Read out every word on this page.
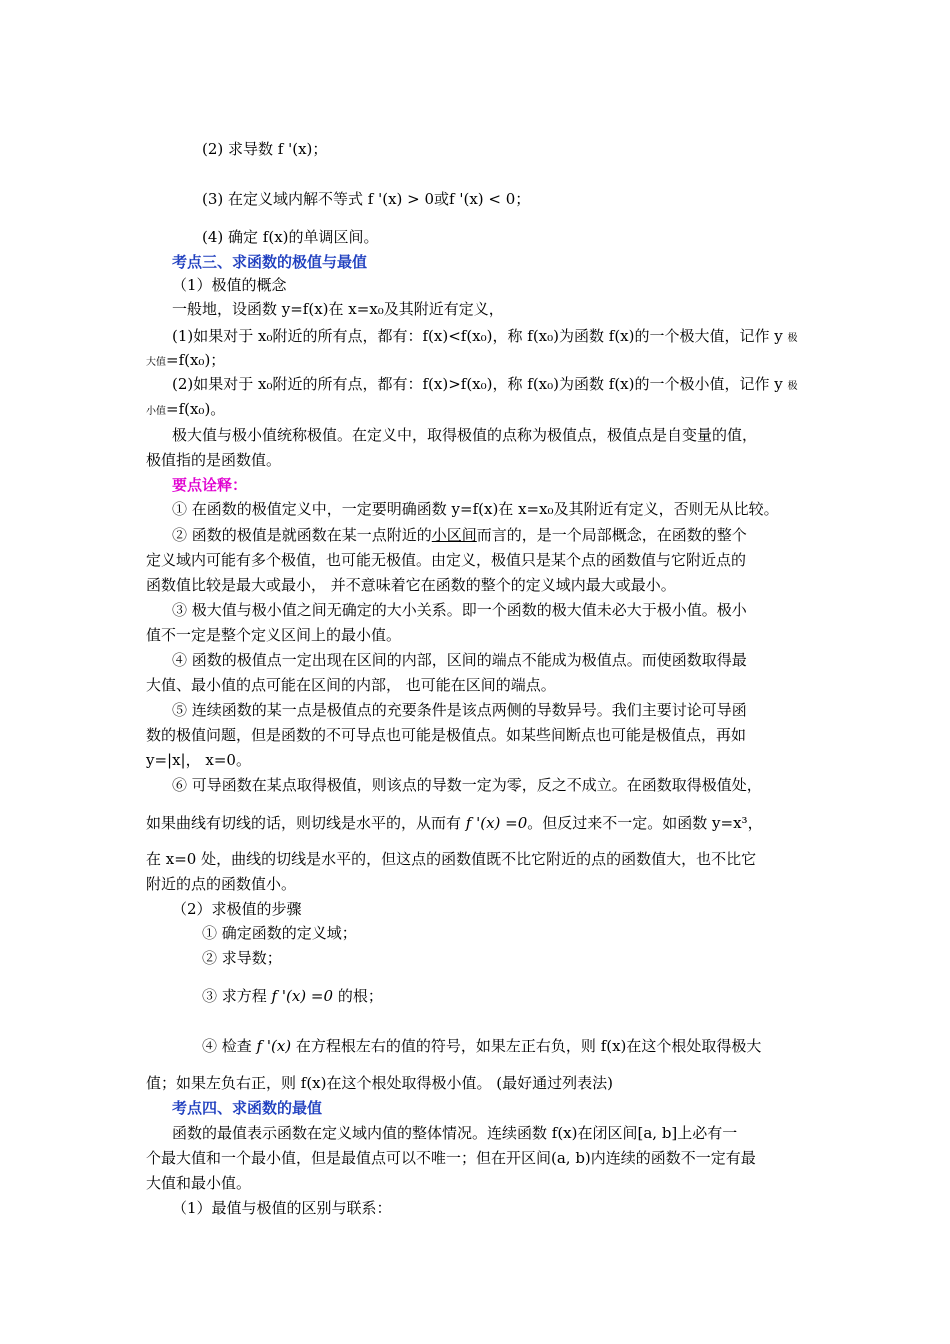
(2) 求导数 f '(x)；
(3) 在定义域内解不等式 f '(x) > 0或f '(x) < 0；
(4) 确定 f(x)的单调区间。
考点三、求函数的极值与最值
（1）极值的概念
一般地，设函数 y=f(x)在 x=x₀及其附近有定义，
(1)如果对于 x₀附近的所有点，都有：f(x)<f(x₀)，称 f(x₀)为函数 f(x)的一个极大值，记作 y 极
大值=f(x₀)；
(2)如果对于 x₀附近的所有点，都有：f(x)>f(x₀)，称 f(x₀)为函数 f(x)的一个极小值，记作 y 极
小值=f(x₀)。
极大值与极小值统称极值。在定义中，取得极值的点称为极值点，极值点是自变量的值，
极值指的是函数值。
要点诠释：
① 在函数的极值定义中，一定要明确函数 y=f(x)在 x=x₀及其附近有定义，否则无从比较。
② 函数的极值是就函数在某一点附近的小区间而言的，是一个局部概念，在函数的整个
定义域内可能有多个极值，也可能无极值。由定义，极值只是某个点的函数值与它附近点的
函数值比较是最大或最小， 并不意味着它在函数的整个的定义域内最大或最小。
③ 极大值与极小值之间无确定的大小关系。即一个函数的极大值未必大于极小值。极小
值不一定是整个定义区间上的最小值。
④ 函数的极值点一定出现在区间的内部，区间的端点不能成为极值点。而使函数取得最
大值、最小值的点可能在区间的内部， 也可能在区间的端点。
⑤ 连续函数的某一点是极值点的充要条件是该点两侧的导数异号。我们主要讨论可导函
数的极值问题，但是函数的不可导点也可能是极值点。如某些间断点也可能是极值点，再如
y=|x|， x=0。
⑥ 可导函数在某点取得极值，则该点的导数一定为零，反之不成立。在函数取得极值处，
如果曲线有切线的话，则切线是水平的，从而有 f '(x) =0。但反过来不一定。如函数 y=x³，
在 x=0 处，曲线的切线是水平的，但这点的函数值既不比它附近的点的函数值大，也不比它
附近的点的函数值小。
（2）求极值的步骤
① 确定函数的定义域；
② 求导数；
③ 求方程 f '(x) =0 的根；
④ 检查 f '(x) 在方程根左右的值的符号，如果左正右负，则 f(x)在这个根处取得极大
值；如果左负右正，则 f(x)在这个根处取得极小值。 (最好通过列表法)
考点四、求函数的最值
函数的最值表示函数在定义域内值的整体情况。连续函数 f(x)在闭区间[a, b]上必有一
个最大值和一个最小值，但是最值点可以不唯一；但在开区间(a, b)内连续的函数不一定有最
大值和最小值。
（1）最值与极值的区别与联系：
